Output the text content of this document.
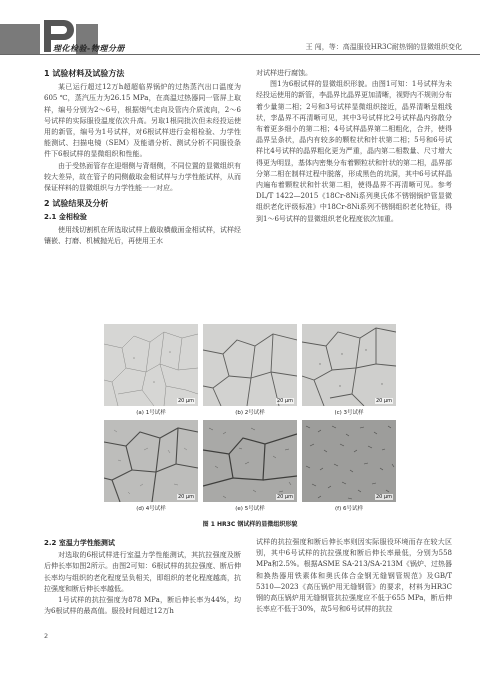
理化检验-物理分册	王 闯，等：高温服役HR3C耐热钢的显微组织变化
1 试验材料及试验方法

某已运行超过12万h超超临界锅炉的过热蒸汽出口温度为605 ℃，蒸汽压力为26.15 MPa，在高温过热器同一管屏上取样，编号分别为2～6号，根据烟气走向及管内介质流向，2～6号试样的实际服役温度依次升高。另取1根同批次但未经投运使用的新管，编号为1号试样，对6根试样进行金相检验、力学性能测试、扫描电镜（SEM）及能谱分析、测试分析不同服役条件下6根试样的显微组织和性能。

由于受热面管存在迎烟侧与背烟侧，不同位置的显微组织有较大差异，故在管子的同侧截取金相试样与力学性能试样，从而保证样料的显微组织与力学性能一一对应。

2 试验结果及分析
2.1 金相检验

使用线切割机在所选取试样上截取横截面金相试样，试样经镶嵌、打磨、机械抛光后，再使用王水

对试样进行腐蚀。

图1为6根试样的显微组织形貌。由图1可知：1号试样为未经投运使用的新管，李晶界比晶界更加清晰，视野内不规则分布着少量第二相；2号和3号试样显微组织接近，晶界清晰呈粗线状，孪晶界不再清晰可见，其中3号试样比2号试样晶内弥散分布着更多细小的第二相；4号试样晶界第二相粗化，合并，使得晶界呈条状，晶内有较多的颗粒状和针状第二相；5号和6号试样比4号试样的晶界粗化更为严重，晶内第二相数量、尺寸增大得更为明显，基体内密集分布着颗粒状和针状的第二相，晶界部分第二相在制样过程中脱落，形成黑色的坑洞，其中6号试样晶内遍布着颗粒状和针状第二相，使得晶界不再清晰可见。参考DL/T 1422—2015《18Cr-8Ni系列奥氏体不锈钢锅炉管显微组织老化评级标准》中18Cr-8Ni系列不锈钢组织老化特征，得到1～6号试样的显微组织老化程度依次加重。

20 μm
(a) 1号试样
20 μm
(b) 2号试样
20 μm
(c) 3号试样
20 μm
(d) 4号试样
20 μm
(e) 5号试样
20 μm
(f) 6号试样
图 1 HR3C 钢试样的显微组织形貌
2.2 室温力学性能测试

对选取的6根试样进行室温力学性能测试，其抗拉强度及断后伸长率如图2所示。由图2可知：6根试样的抗拉强度、断后伸长率均与组织的老化程度呈负相关，即组织的老化程度越高，抗拉强度和断后伸长率越低。

1号试样的抗拉强度为878 MPa，断后伸长率为44%，均为6根试样的最高值。服役时间超过12万h

试样的抗拉强度和断后伸长率则因实际服役环境而存在较大区别，其中6号试样的抗拉强度和断后伸长率最低，分别为558 MPa和2.5%。根据ASME SA-213/SA-213M《锅炉、过热器和换热器用铁素体和奥氏体合金钢无缝钢管规范》及GB/T 5310—2023《高压锅炉用无缝钢管》的要求，材料为HR3C钢的高压锅炉用无缝钢管抗拉强度应不低于655 MPa，断后伸长率应不低于30%，故5号和6号试样的抗拉

2
